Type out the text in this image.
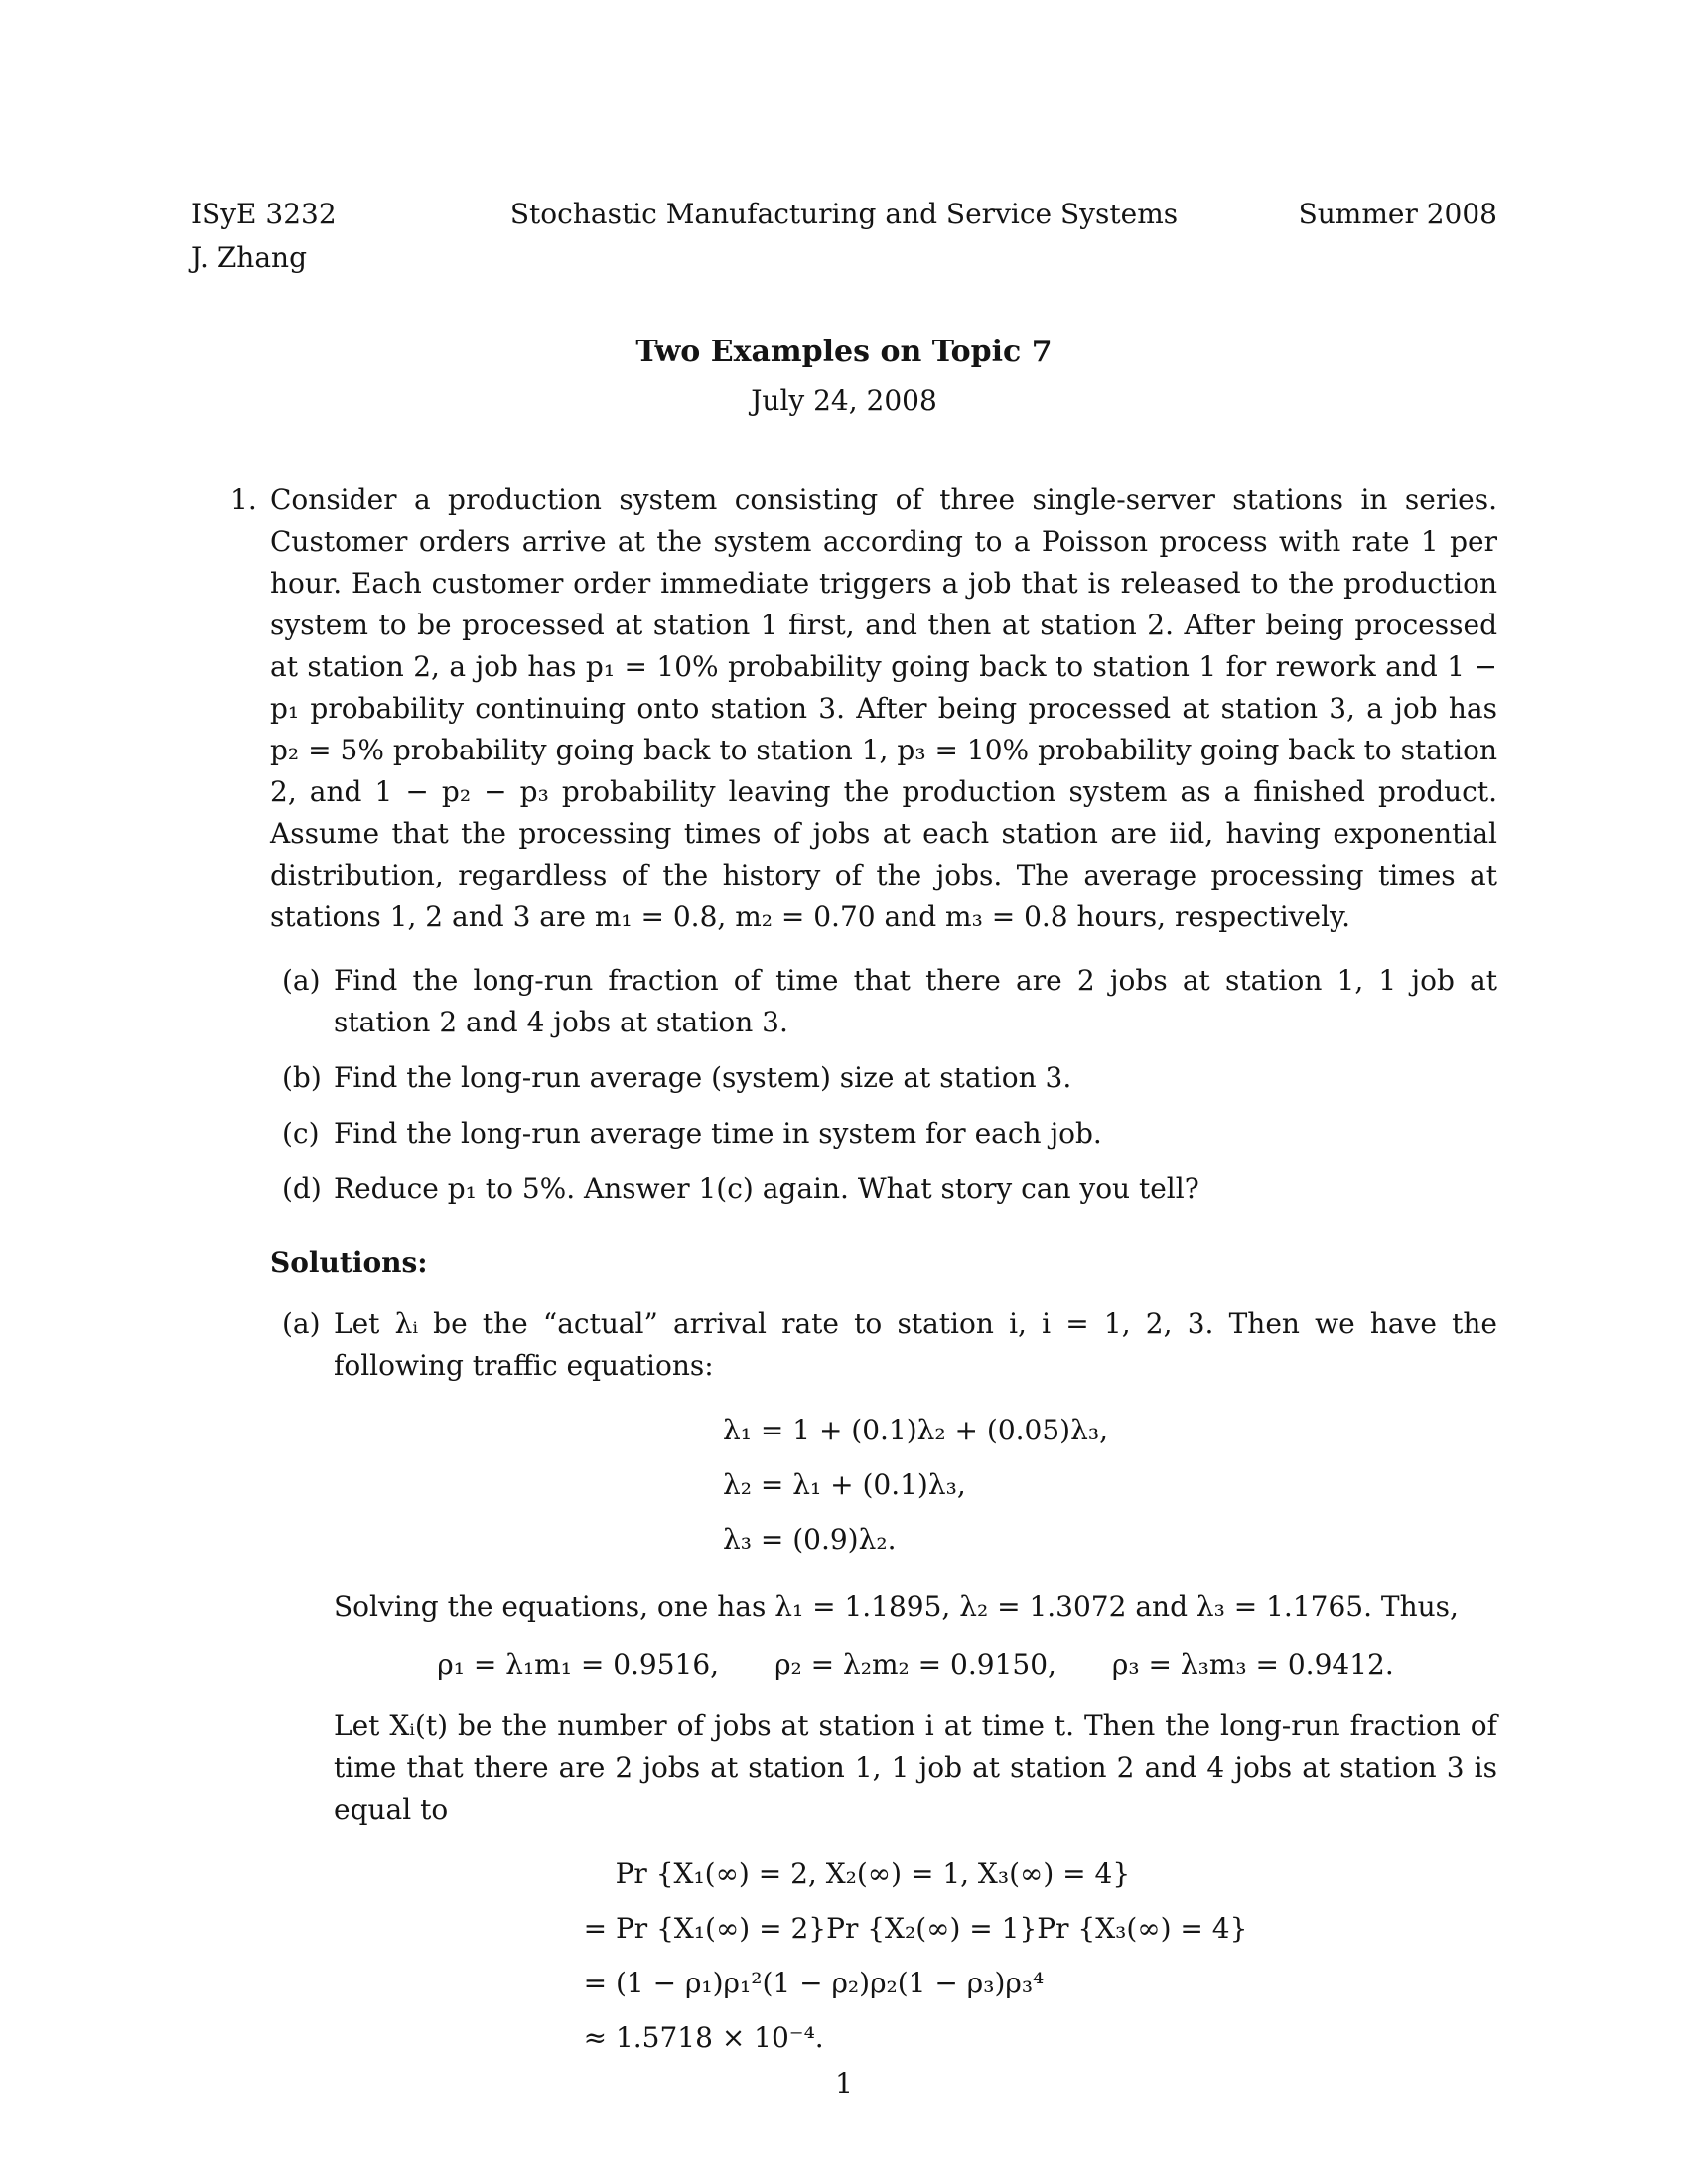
ISyE 3232	Stochastic Manufacturing and Service Systems	Summer 2008
J. Zhang
Two Examples on Topic 7
July 24, 2008
1. Consider a production system consisting of three single-server stations in series. Customer orders arrive at the system according to a Poisson process with rate 1 per hour. Each customer order immediate triggers a job that is released to the production system to be processed at station 1 first, and then at station 2. After being processed at station 2, a job has p₁ = 10% probability going back to station 1 for rework and 1 − p₁ probability continuing onto station 3. After being processed at station 3, a job has p₂ = 5% probability going back to station 1, p₃ = 10% probability going back to station 2, and 1 − p₂ − p₃ probability leaving the production system as a finished product. Assume that the processing times of jobs at each station are iid, having exponential distribution, regardless of the history of the jobs. The average processing times at stations 1, 2 and 3 are m₁ = 0.8, m₂ = 0.70 and m₃ = 0.8 hours, respectively.

(a) Find the long-run fraction of time that there are 2 jobs at station 1, 1 job at station 2 and 4 jobs at station 3.
(b) Find the long-run average (system) size at station 3.
(c) Find the long-run average time in system for each job.
(d) Reduce p₁ to 5%. Answer 1(c) again. What story can you tell?
Solutions:
(a) Let λᵢ be the “actual” arrival rate to station i, i = 1, 2, 3. Then we have the following traffic equations:

λ₁ = 1 + (0.1)λ₂ + (0.05)λ₃,
λ₂ = λ₁ + (0.1)λ₃,
λ₃ = (0.9)λ₂.

Solving the equations, one has λ₁ = 1.1895, λ₂ = 1.3072 and λ₃ = 1.1765. Thus,

ρ₁ = λ₁m₁ = 0.9516,  ρ₂ = λ₂m₂ = 0.9150,  ρ₃ = λ₃m₃ = 0.9412.

Let Xᵢ(t) be the number of jobs at station i at time t. Then the long-run fraction of time that there are 2 jobs at station 1, 1 job at station 2 and 4 jobs at station 3 is equal to

Pr {X₁(∞) = 2, X₂(∞) = 1, X₃(∞) = 4}
= Pr {X₁(∞) = 2}Pr {X₂(∞) = 1}Pr {X₃(∞) = 4}
= (1 − ρ₁)ρ₁²(1 − ρ₂)ρ₂(1 − ρ₃)ρ₃⁴
≈ 1.5718 × 10⁻⁴.
1
